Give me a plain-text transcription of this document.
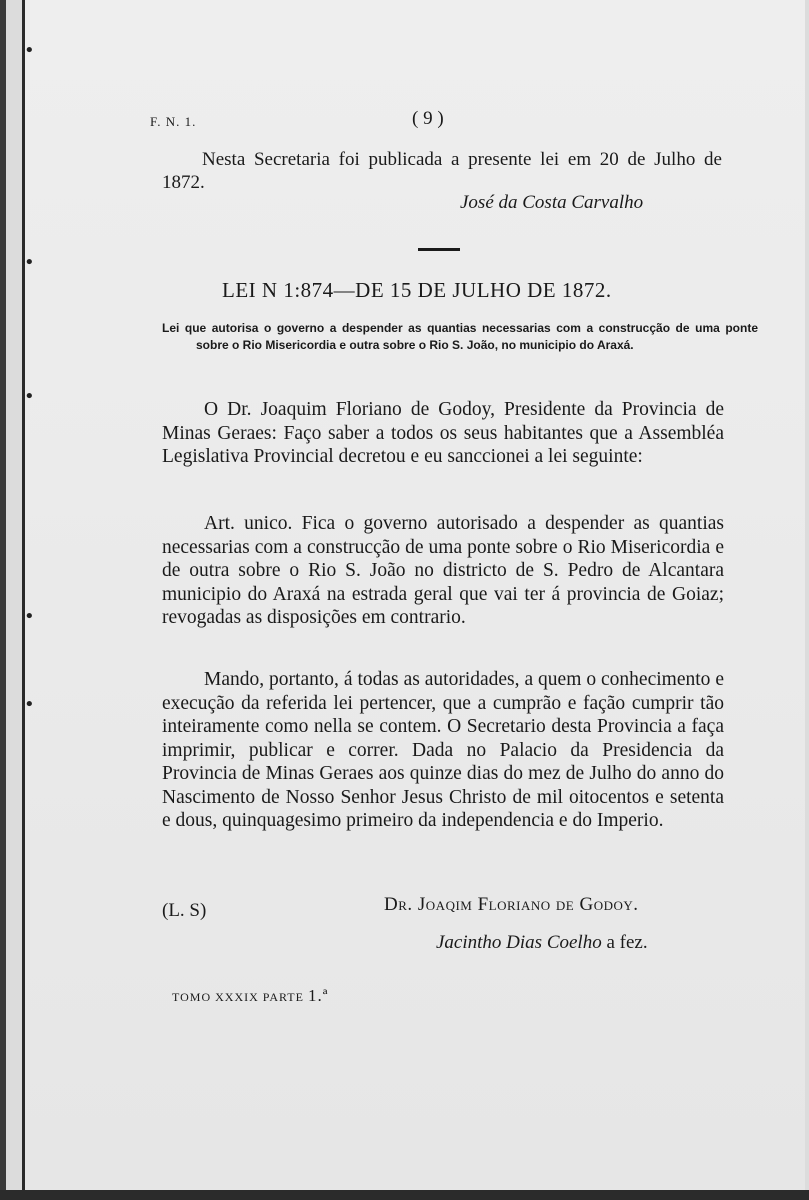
•
•
•
•
•
F. N. 1.	( 9 )
Nesta Secretaria foi publicada a presente lei em 20 de Julho de 1872.
José da Costa Carvalho
LEI N 1:874—DE 15 DE JULHO DE 1872.
Lei que autorisa o governo a despender as quantias necessarias com a construcção de uma ponte sobre o Rio Misericordia e outra sobre o Rio S. João, no municipio do Araxá.
O Dr. Joaquim Floriano de Godoy, Presidente da Provincia de Minas Geraes: Faço saber a todos os seus habitantes que a Assembléa Legislativa Provincial decretou e eu sanccionei a lei seguinte:
Art. unico. Fica o governo autorisado a despender as quantias necessarias com a construcção de uma ponte sobre o Rio Misericordia e de outra sobre o Rio S. João no districto de S. Pedro de Alcantara municipio do Araxá na estrada geral que vai ter á provincia de Goiaz; revogadas as disposições em contrario.
Mando, portanto, á todas as autoridades, a quem o conhecimento e execução da referida lei pertencer, que a cumprão e fação cumprir tão inteiramente como nella se contem. O Secretario desta Provincia a faça imprimir, publicar e correr. Dada no Palacio da Presidencia da Provincia de Minas Geraes aos quinze dias do mez de Julho do anno do Nascimento de Nosso Senhor Jesus Christo de mil oitocentos e setenta e dous, quinquagesimo primeiro da independencia e do Imperio.
(L. S)	Dr. Joaqim Floriano de Godoy.
Jacintho Dias Coelho a fez.
TOMO XXXIX PARTE 1.ª
